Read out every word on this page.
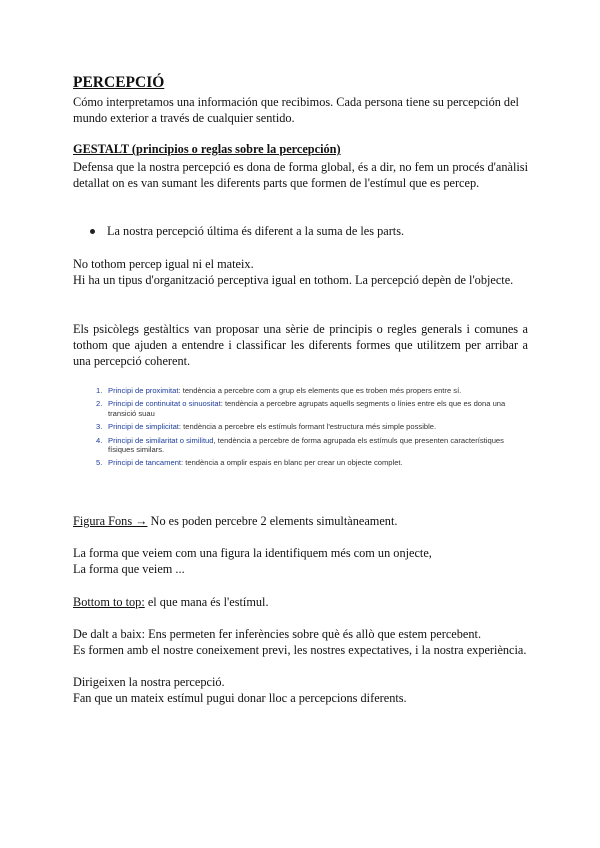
PERCEPCIÓ

Cómo interpretamos una información que recibimos. Cada persona tiene su percepción del mundo exterior a través de cualquier sentido.

GESTALT (principios o reglas sobre la percepción)

Defensa que la nostra percepció es dona de forma global, és a dir, no fem un procés d'anàlisi detallat on es van sumant les diferents parts que formen de l'estímul que es percep.

La nostra percepció última és diferent a la suma de les parts.

No tothom percep igual ni el mateix.

Hi ha un tipus d'organització perceptiva igual en tothom. La percepció depèn de l'objecte.

Els psicòlegs gestàltics van proposar una sèrie de principis o regles generals i comunes a tothom que ajuden a entendre i classificar les diferents formes que utilitzem per arribar a una percepció coherent.

1. Principi de proximitat: tendència a percebre com a grup els elements que es troben més propers entre sí.
2. Principi de continuitat o sinuositat: tendència a percebre agrupats aquells segments o línies entre els que es dona una transició suau
3. Principi de simplicitat: tendència a percebre els estímuls formant l'estructura més simple possible.
4. Principi de similaritat o similitud, tendència a percebre de forma agrupada els estímuls que presenten característiques físiques similars.
5. Principi de tancament: tendència a omplir espais en blanc per crear un objecte complet.

Figura Fons → No es poden percebre 2 elements simultàneament.

La forma que veiem com una figura la identifiquem més com un onjecte,

La forma que veiem ...

Bottom to top: el que mana és l'estímul.

De dalt a baix: Ens permeten fer inferències sobre què és allò que estem percebent.

Es formen amb el nostre coneixement previ, les nostres expectatives, i la nostra experiència.

Dirigeixen la nostra percepció.

Fan que un mateix estímul pugui donar lloc a percepcions diferents.
